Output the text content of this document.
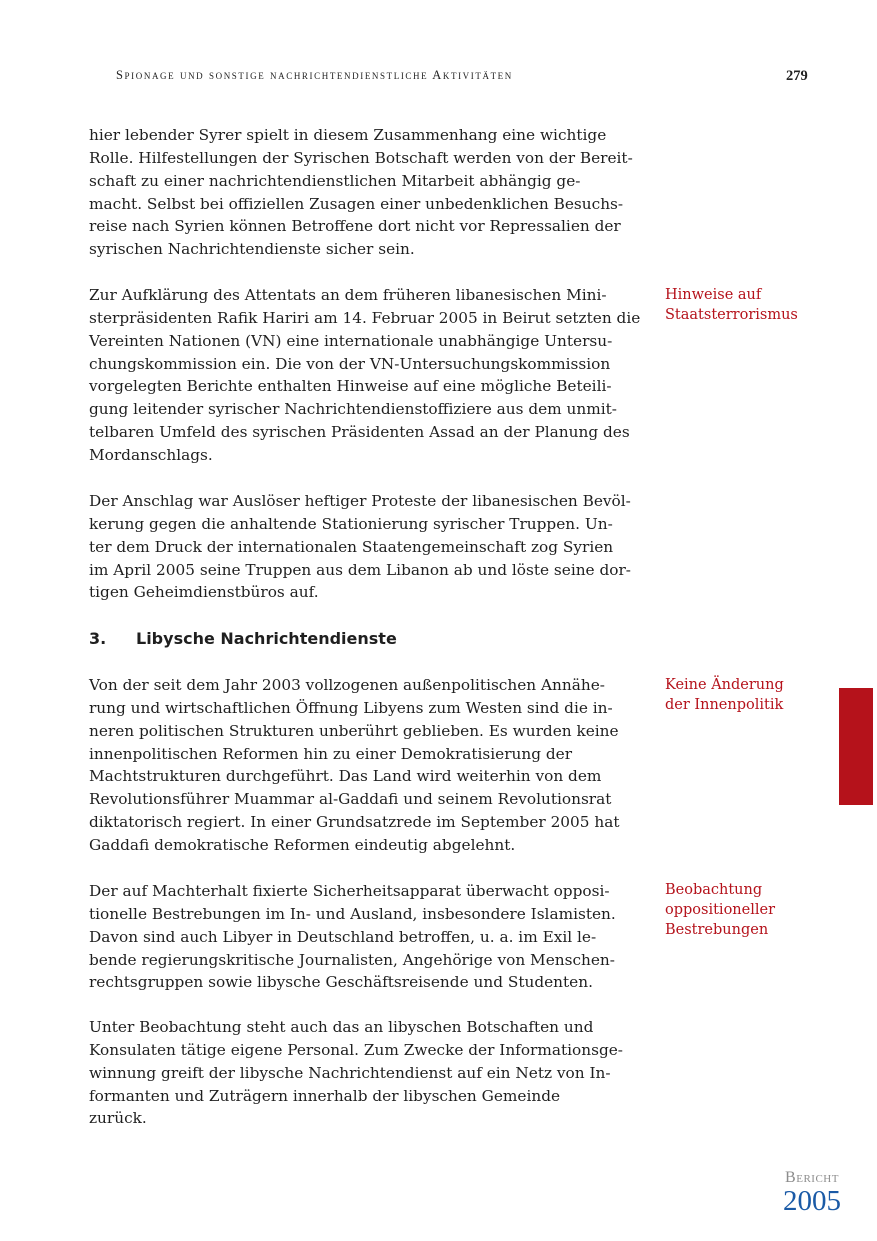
Spionage und sonstige nachrichtendienstliche Aktivitäten	279
hier lebender Syrer spielt in diesem Zusammenhang eine wichtige
Rolle. Hilfestellungen der Syrischen Botschaft werden von der Bereit-
schaft zu einer nachrichtendienstlichen Mitarbeit abhängig ge-
macht. Selbst bei offiziellen Zusagen einer unbedenklichen Besuchs-
reise nach Syrien können Betroffene dort nicht vor Repressalien der
syrischen Nachrichtendienste sicher sein.
Zur Aufklärung des Attentats an dem früheren libanesischen Mini-
sterpräsidenten Rafik Hariri am 14. Februar 2005 in Beirut setzten die
Vereinten Nationen (VN) eine internationale unabhängige Untersu-
chungskommission ein. Die von der VN-Untersuchungskommission
vorgelegten Berichte enthalten Hinweise auf eine mögliche Beteili-
gung leitender syrischer Nachrichtendienstoffiziere aus dem unmit-
telbaren Umfeld des syrischen Präsidenten Assad an der Planung des
Mordanschlags.
Der Anschlag war Auslöser heftiger Proteste der libanesischen Bevöl-
kerung gegen die anhaltende Stationierung syrischer Truppen. Un-
ter dem Druck der internationalen Staatengemeinschaft zog Syrien
im April 2005 seine Truppen aus dem Libanon ab und löste seine dor-
tigen Geheimdienstbüros auf.
3. Libysche Nachrichtendienste
Von der seit dem Jahr 2003 vollzogenen außenpolitischen Annähe-
rung und wirtschaftlichen Öffnung Libyens zum Westen sind die in-
neren politischen Strukturen unberührt geblieben. Es wurden keine
innenpolitischen Reformen hin zu einer Demokratisierung der
Machtstrukturen durchgeführt. Das Land wird weiterhin von dem
Revolutionsführer Muammar al-Gaddafi und seinem Revolutionsrat
diktatorisch regiert. In einer Grundsatzrede im September 2005 hat
Gaddafi demokratische Reformen eindeutig abgelehnt.
Der auf Machterhalt fixierte Sicherheitsapparat überwacht opposi-
tionelle Bestrebungen im In- und Ausland, insbesondere Islamisten.
Davon sind auch Libyer in Deutschland betroffen, u. a. im Exil le-
bende regierungskritische Journalisten, Angehörige von Menschen-
rechtsgruppen sowie libysche Geschäftsreisende und Studenten.
Unter Beobachtung steht auch das an libyschen Botschaften und
Konsulaten tätige eigene Personal. Zum Zwecke der Informationsge-
winnung greift der libysche Nachrichtendienst auf ein Netz von In-
formanten und Zuträgern innerhalb der libyschen Gemeinde
zurück.
Hinweise auf
Staatsterrorismus
Keine Änderung
der Innenpolitik
Beobachtung
oppositioneller
Bestrebungen
Bericht
2005
